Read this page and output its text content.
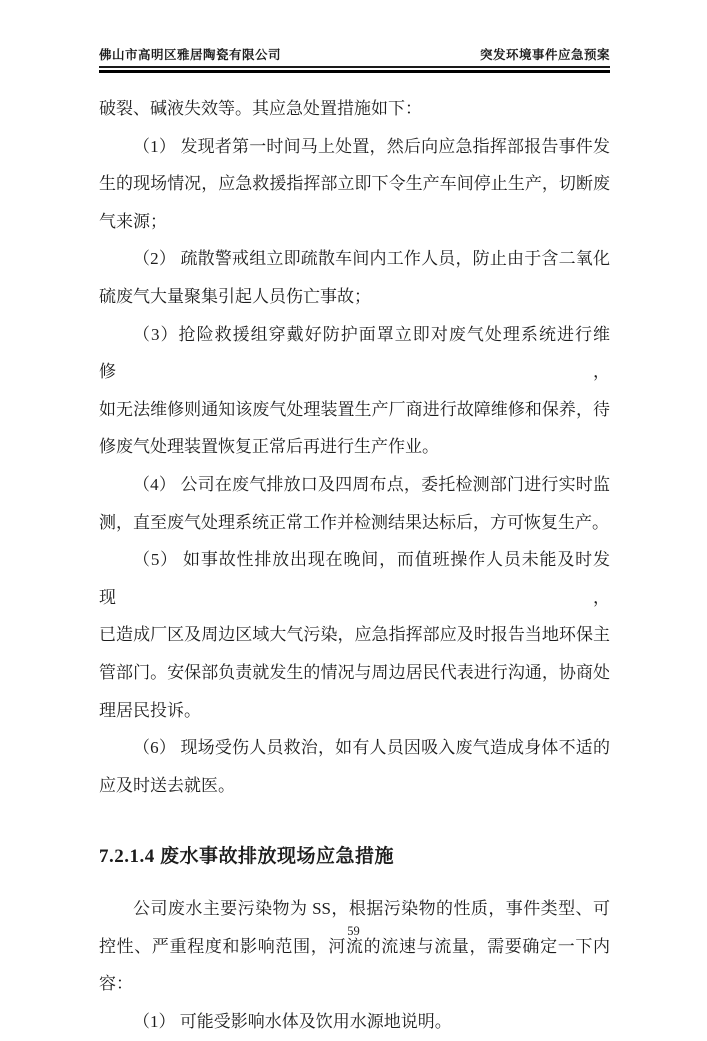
佛山市高明区雅居陶瓷有限公司	突发环境事件应急预案
破裂、碱液失效等。其应急处置措施如下：
（1） 发现者第一时间马上处置，然后向应急指挥部报告事件发
生的现场情况，应急救援指挥部立即下令生产车间停止生产，切断废
气来源；
（2） 疏散警戒组立即疏散车间内工作人员，防止由于含二氧化
硫废气大量聚集引起人员伤亡事故；
（3）抢险救援组穿戴好防护面罩立即对废气处理系统进行维修，
如无法维修则通知该废气处理装置生产厂商进行故障维修和保养，待
修废气处理装置恢复正常后再进行生产作业。
（4） 公司在废气排放口及四周布点，委托检测部门进行实时监
测，直至废气处理系统正常工作并检测结果达标后，方可恢复生产。
（5） 如事故性排放出现在晚间，而值班操作人员未能及时发现，
已造成厂区及周边区域大气污染，应急指挥部应及时报告当地环保主
管部门。安保部负责就发生的情况与周边居民代表进行沟通，协商处
理居民投诉。
（6） 现场受伤人员救治，如有人员因吸入废气造成身体不适的
应及时送去就医。
7.2.1.4 废水事故排放现场应急措施
公司废水主要污染物为 SS，根据污染物的性质，事件类型、可
控性、严重程度和影响范围，河流的流速与流量，需要确定一下内容：
（1） 可能受影响水体及饮用水源地说明。
59
